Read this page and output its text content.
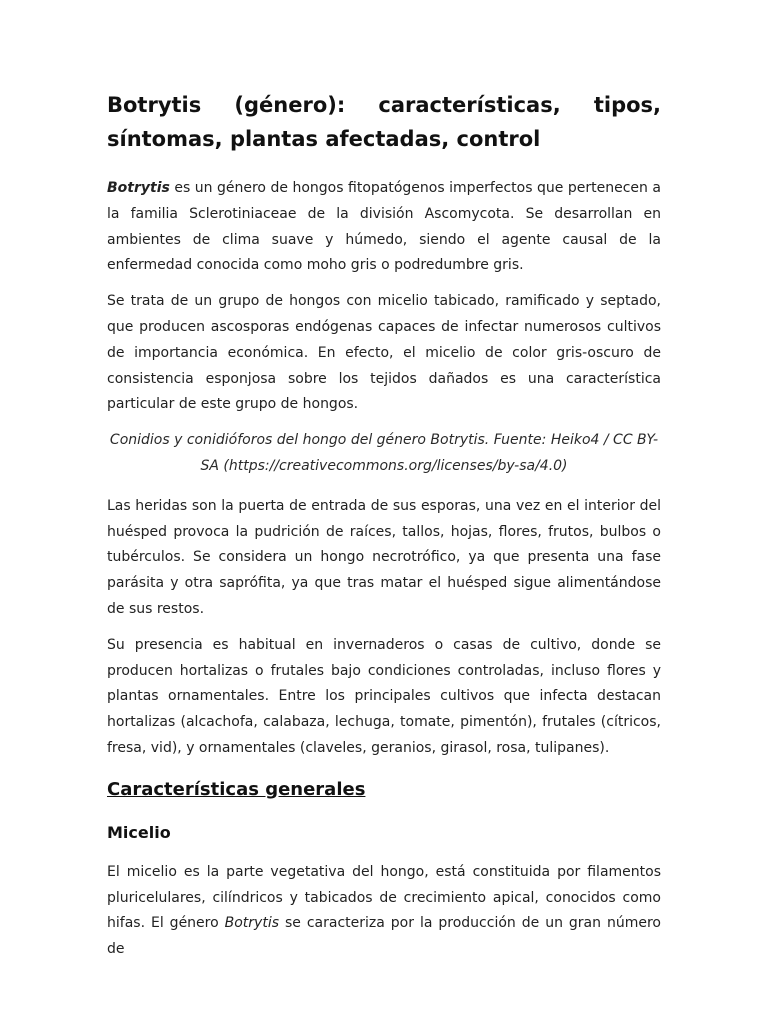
Botrytis (género): características, tipos, síntomas, plantas afectadas, control

Botrytis es un género de hongos fitopatógenos imperfectos que pertenecen a la familia Sclerotiniaceae de la división Ascomycota. Se desarrollan en ambientes de clima suave y húmedo, siendo el agente causal de la enfermedad conocida como moho gris o podredumbre gris.

Se trata de un grupo de hongos con micelio tabicado, ramificado y septado, que producen ascosporas endógenas capaces de infectar numerosos cultivos de importancia económica. En efecto, el micelio de color gris-oscuro de consistencia esponjosa sobre los tejidos dañados es una característica particular de este grupo de hongos.

Conidios y conidióforos del hongo del género Botrytis. Fuente: Heiko4 / CC BY-SA (https://creativecommons.org/licenses/by-sa/4.0)

Las heridas son la puerta de entrada de sus esporas, una vez en el interior del huésped provoca la pudrición de raíces, tallos, hojas, flores, frutos, bulbos o tubérculos. Se considera un hongo necrotrófico, ya que presenta una fase parásita y otra saprófita, ya que tras matar el huésped sigue alimentándose de sus restos.

Su presencia es habitual en invernaderos o casas de cultivo, donde se producen hortalizas o frutales bajo condiciones controladas, incluso flores y plantas ornamentales. Entre los principales cultivos que infecta destacan hortalizas (alcachofa, calabaza, lechuga, tomate, pimentón), frutales (cítricos, fresa, vid), y ornamentales (claveles, geranios, girasol, rosa, tulipanes).

Características generales
Micelio

El micelio es la parte vegetativa del hongo, está constituida por filamentos pluricelulares, cilíndricos y tabicados de crecimiento apical, conocidos como hifas. El género Botrytis se caracteriza por la producción de un gran número de
